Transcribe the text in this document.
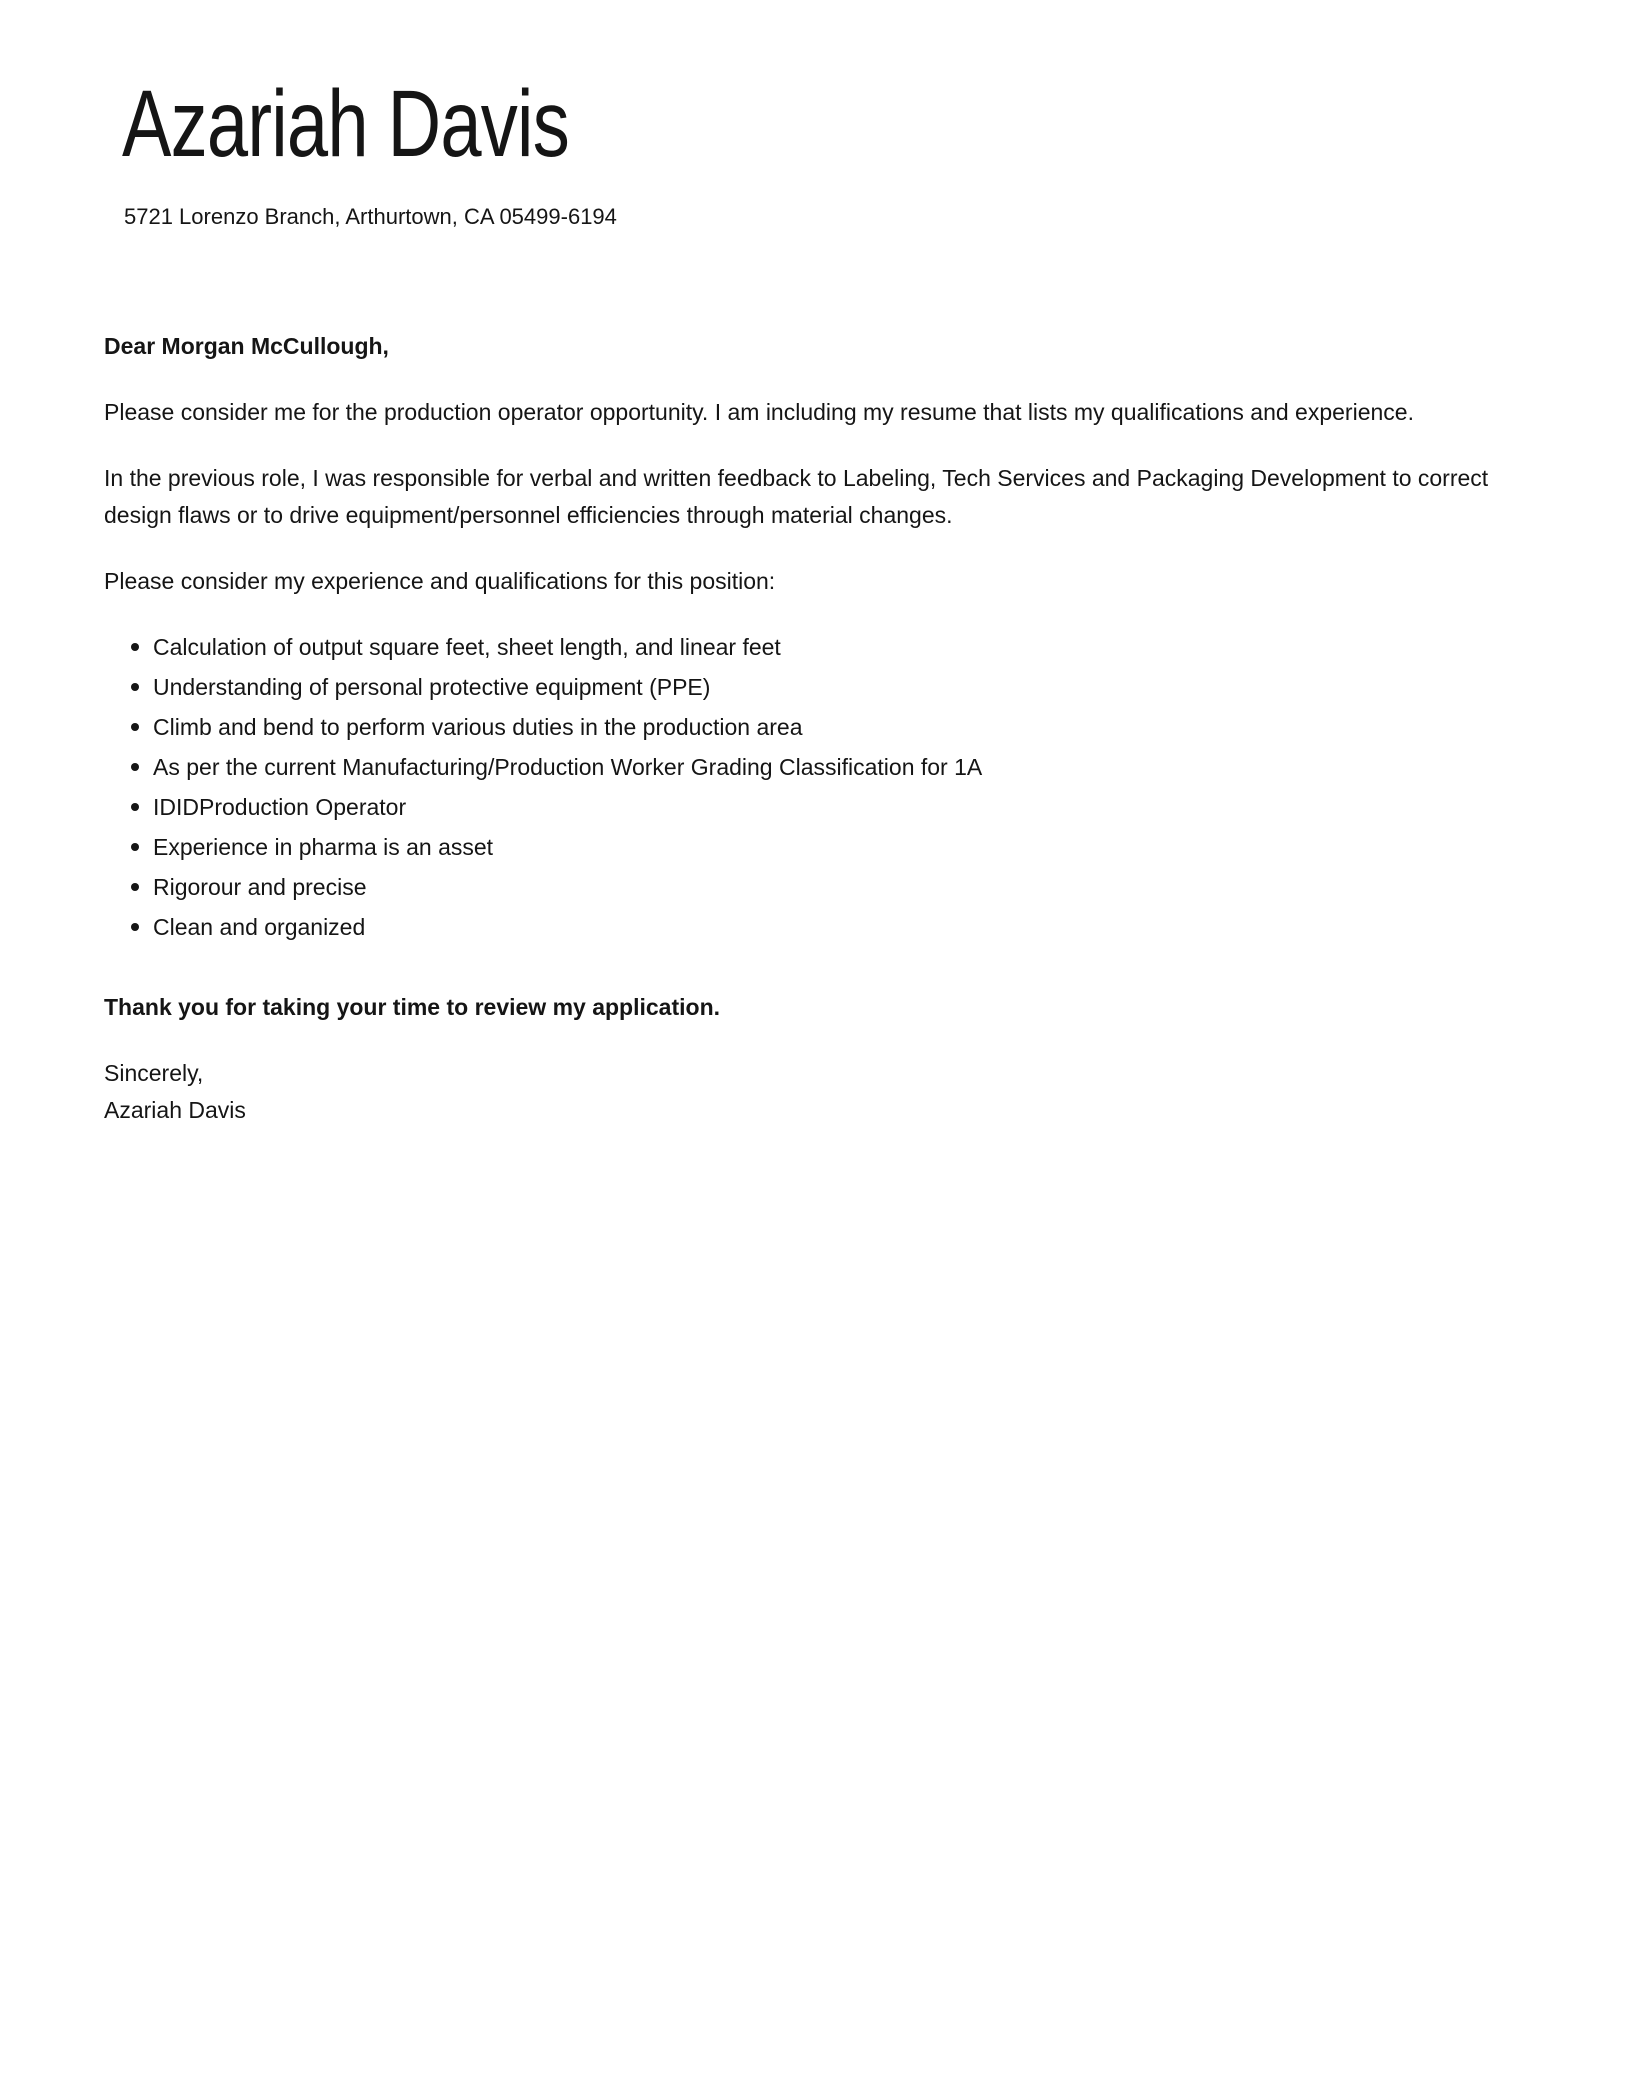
Azariah Davis
5721 Lorenzo Branch, Arthurtown, CA 05499-6194

Dear Morgan McCullough,

Please consider me for the production operator opportunity. I am including my resume that lists my qualifications and experience.

In the previous role, I was responsible for verbal and written feedback to Labeling, Tech Services and Packaging Development to correct design flaws or to drive equipment/personnel efficiencies through material changes.

Please consider my experience and qualifications for this position:

Calculation of output square feet, sheet length, and linear feet
Understanding of personal protective equipment (PPE)
Climb and bend to perform various duties in the production area
As per the current Manufacturing/Production Worker Grading Classification for 1A
IDIDProduction Operator
Experience in pharma is an asset
Rigorour and precise
Clean and organized

Thank you for taking your time to review my application.

Sincerely,
Azariah Davis
